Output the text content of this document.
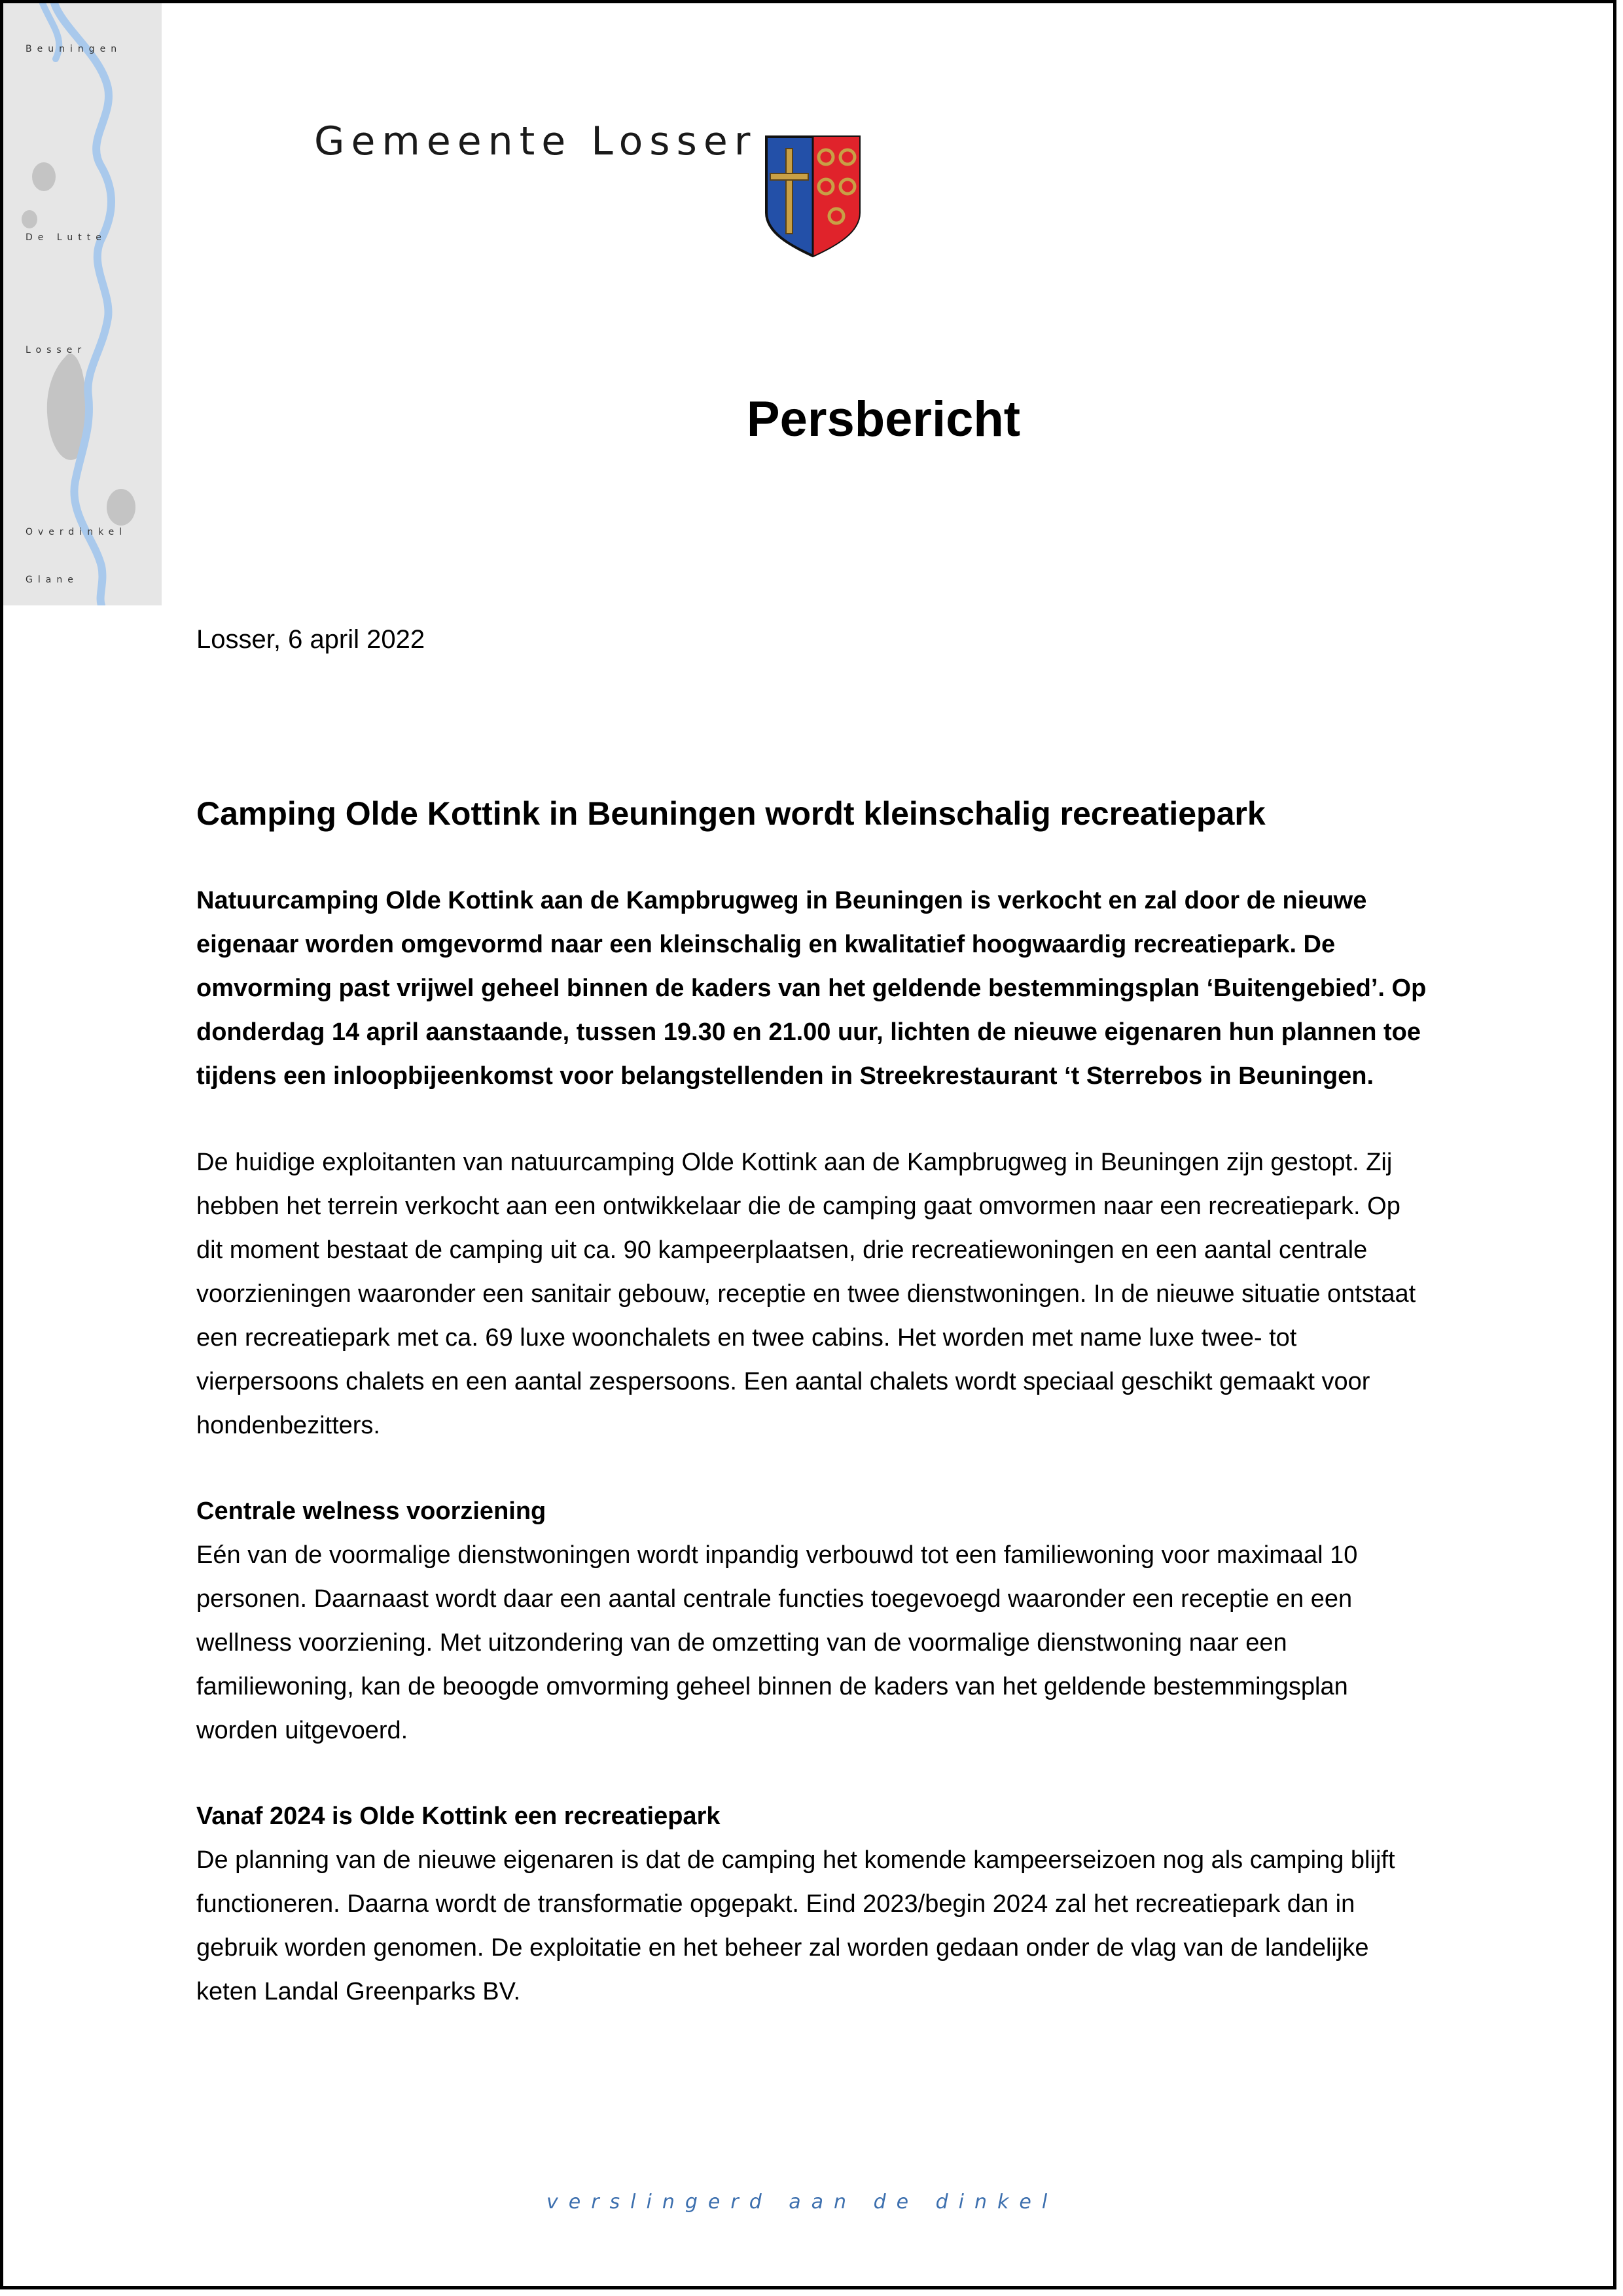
Beuningen
De Lutte
Losser
Overdinkel
Glane
Gemeente Losser
Persbericht

Losser, 6 april 2022

Camping Olde Kottink in Beuningen wordt kleinschalig recreatiepark

Natuurcamping Olde Kottink aan de Kampbrugweg in Beuningen is verkocht en zal door de nieuwe eigenaar worden omgevormd naar een kleinschalig en kwalitatief hoogwaardig recreatiepark. De omvorming past vrijwel geheel binnen de kaders van het geldende bestemmingsplan ‘Buitengebied’. Op donderdag 14 april aanstaande, tussen 19.30 en 21.00 uur, lichten de nieuwe eigenaren hun plannen toe tijdens een inloopbijeenkomst voor belangstellenden in Streekrestaurant ‘t Sterrebos in Beuningen.

De huidige exploitanten van natuurcamping Olde Kottink aan de Kampbrugweg in Beuningen zijn gestopt. Zij hebben het terrein verkocht aan een ontwikkelaar die de camping gaat omvormen naar een recreatiepark. Op dit moment bestaat de camping uit ca. 90 kampeerplaatsen, drie recreatiewoningen en een aantal centrale voorzieningen waaronder een sanitair gebouw, receptie en twee dienstwoningen. In de nieuwe situatie ontstaat een recreatiepark met ca. 69 luxe woonchalets en twee cabins. Het worden met name luxe twee- tot vierpersoons chalets en een aantal zespersoons. Een aantal chalets wordt speciaal geschikt gemaakt voor hondenbezitters.

Centrale welness voorziening

Eén van de voormalige dienstwoningen wordt inpandig verbouwd tot een familiewoning voor maximaal 10 personen. Daarnaast wordt daar een aantal centrale functies toegevoegd waaronder een receptie en een wellness voorziening. Met uitzondering van de omzetting van de voormalige dienstwoning naar een familiewoning, kan de beoogde omvorming geheel binnen de kaders van het geldende bestemmingsplan worden uitgevoerd.

Vanaf 2024 is Olde Kottink een recreatiepark

De planning van de nieuwe eigenaren is dat de camping het komende kampeerseizoen nog als camping blijft functioneren. Daarna wordt de transformatie opgepakt. Eind 2023/begin 2024 zal het recreatiepark dan in gebruik worden genomen. De exploitatie en het beheer zal worden gedaan onder de vlag van de landelijke keten Landal Greenparks BV.

verslingerd aan de dinkel
